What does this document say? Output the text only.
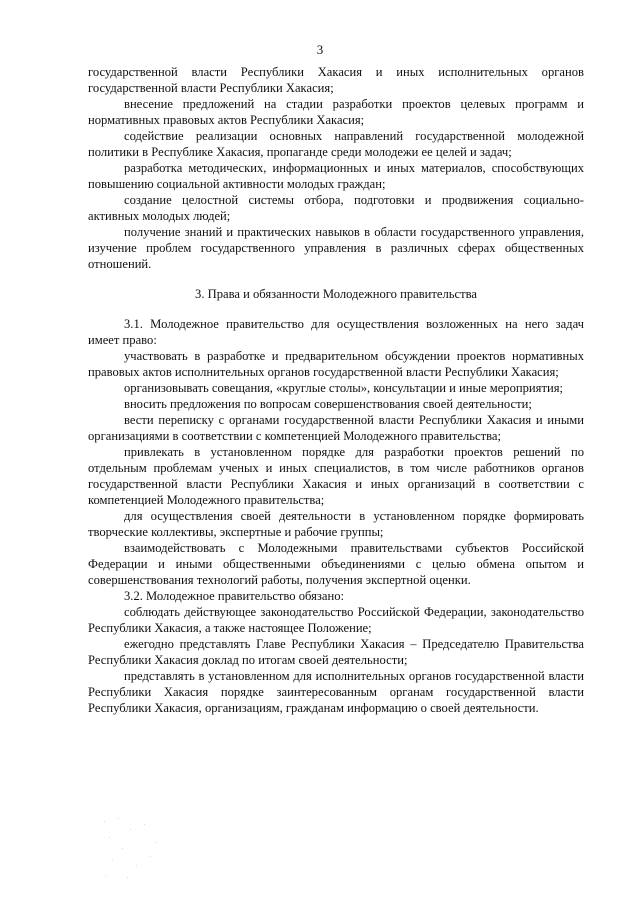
3

государственной власти Республики Хакасия и иных исполнительных органов государственной власти Республики Хакасия;

внесение предложений на стадии разработки проектов целевых программ и нормативных правовых актов Республики Хакасия;

содействие реализации основных направлений государственной молодежной политики в Республике Хакасия, пропаганде среди молодежи ее целей и задач;

разработка методических, информационных и иных материалов, способствующих повышению социальной активности молодых граждан;

создание целостной системы отбора, подготовки и продвижения социально-активных молодых людей;

получение знаний и практических навыков в области государственного управления, изучение проблем государственного управления в различных сферах общественных отношений.

3. Права и обязанности Молодежного правительства

3.1. Молодежное правительство для осуществления возложенных на него задач имеет право:

участвовать в разработке и предварительном обсуждении проектов нормативных правовых актов исполнительных органов государственной власти Республики Хакасия;

организовывать совещания, «круглые столы», консультации и иные мероприятия;

вносить предложения по вопросам совершенствования своей деятельности;

вести переписку с органами государственной власти Республики Хакасия и иными организациями в соответствии с компетенцией Молодежного правительства;

привлекать в установленном порядке для разработки проектов решений по отдельным проблемам ученых и иных специалистов, в том числе работников органов государственной власти Республики Хакасия и иных организаций в соответствии с компетенцией Молодежного правительства;

для осуществления своей деятельности в установленном порядке формировать творческие коллективы, экспертные и рабочие группы;

взаимодействовать с Молодежными правительствами субъектов Российской Федерации и иными общественными объединениями с целью обмена опытом и совершенствования технологий работы, получения экспертной оценки.

3.2. Молодежное правительство обязано:

соблюдать действующее законодательство Российской Федерации, законодательство Республики Хакасия, а также настоящее Положение;

ежегодно представлять Главе Республики Хакасия – Председателю Правительства Республики Хакасия доклад по итогам своей деятельности;

представлять в установленном для исполнительных органов государственной власти Республики Хакасия порядке заинтересованным органам государственной власти Республики Хакасия, организациям, гражданам информацию о своей деятельности.
